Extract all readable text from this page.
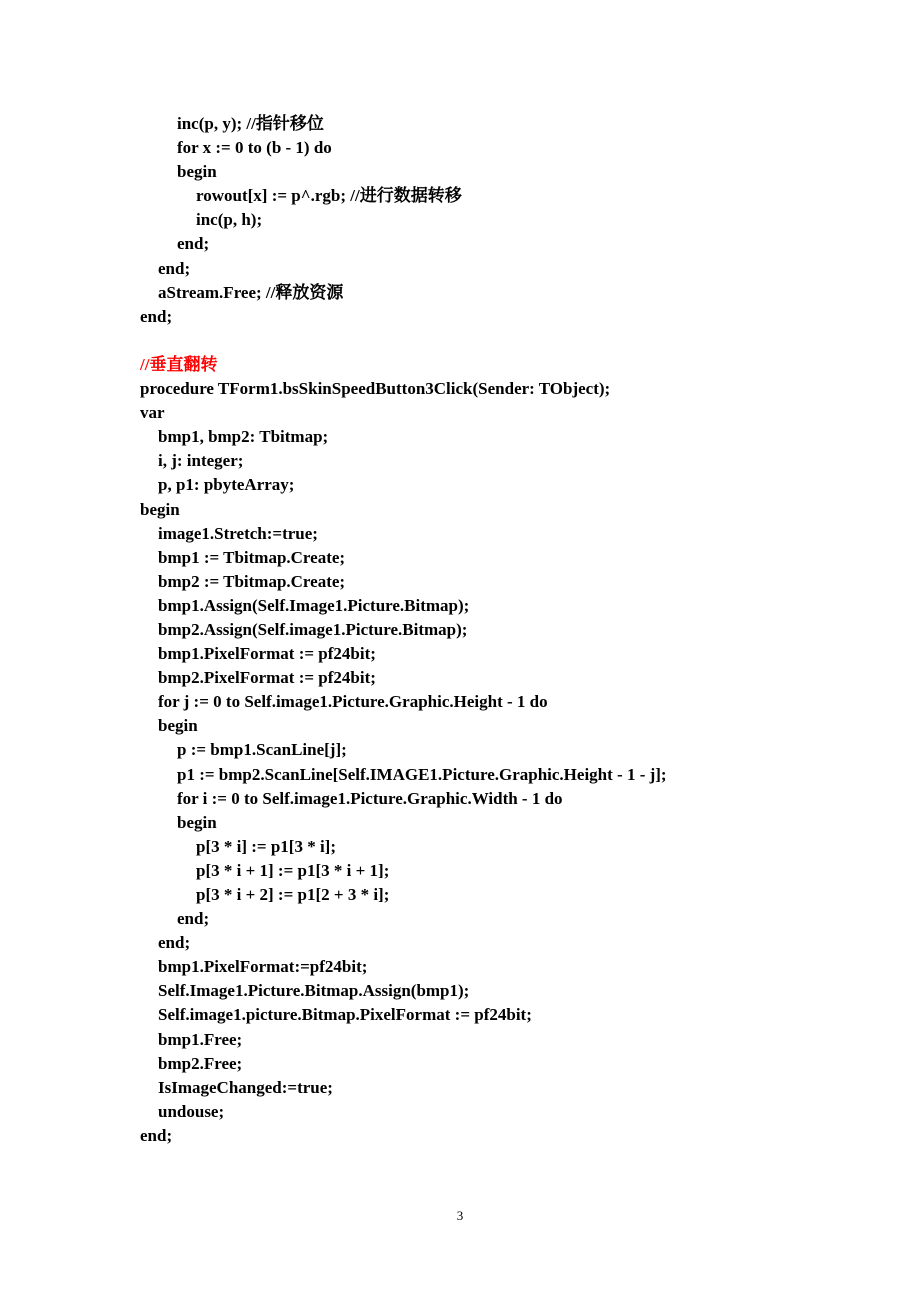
inc(p, y); //指针移位
for x := 0 to (b - 1) do
begin
rowout[x] := p^.rgb; //进行数据转移
inc(p, h);
end;
end;
aStream.Free; //释放资源
end;
//垂直翻转
procedure TForm1.bsSkinSpeedButton3Click(Sender: TObject);
var
bmp1, bmp2: Tbitmap;
i, j: integer;
p, p1: pbyteArray;
begin
image1.Stretch:=true;
bmp1 := Tbitmap.Create;
bmp2 := Tbitmap.Create;
bmp1.Assign(Self.Image1.Picture.Bitmap);
bmp2.Assign(Self.image1.Picture.Bitmap);
bmp1.PixelFormat := pf24bit;
bmp2.PixelFormat := pf24bit;
for j := 0 to Self.image1.Picture.Graphic.Height - 1 do
begin
p := bmp1.ScanLine[j];
p1 := bmp2.ScanLine[Self.IMAGE1.Picture.Graphic.Height - 1 - j];
for i := 0 to Self.image1.Picture.Graphic.Width - 1 do
begin
p[3 * i] := p1[3 * i];
p[3 * i + 1] := p1[3 * i + 1];
p[3 * i + 2] := p1[2 + 3 * i];
end;
end;
bmp1.PixelFormat:=pf24bit;
Self.Image1.Picture.Bitmap.Assign(bmp1);
Self.image1.picture.Bitmap.PixelFormat := pf24bit;
bmp1.Free;
bmp2.Free;
IsImageChanged:=true;
undouse;
end;
3
